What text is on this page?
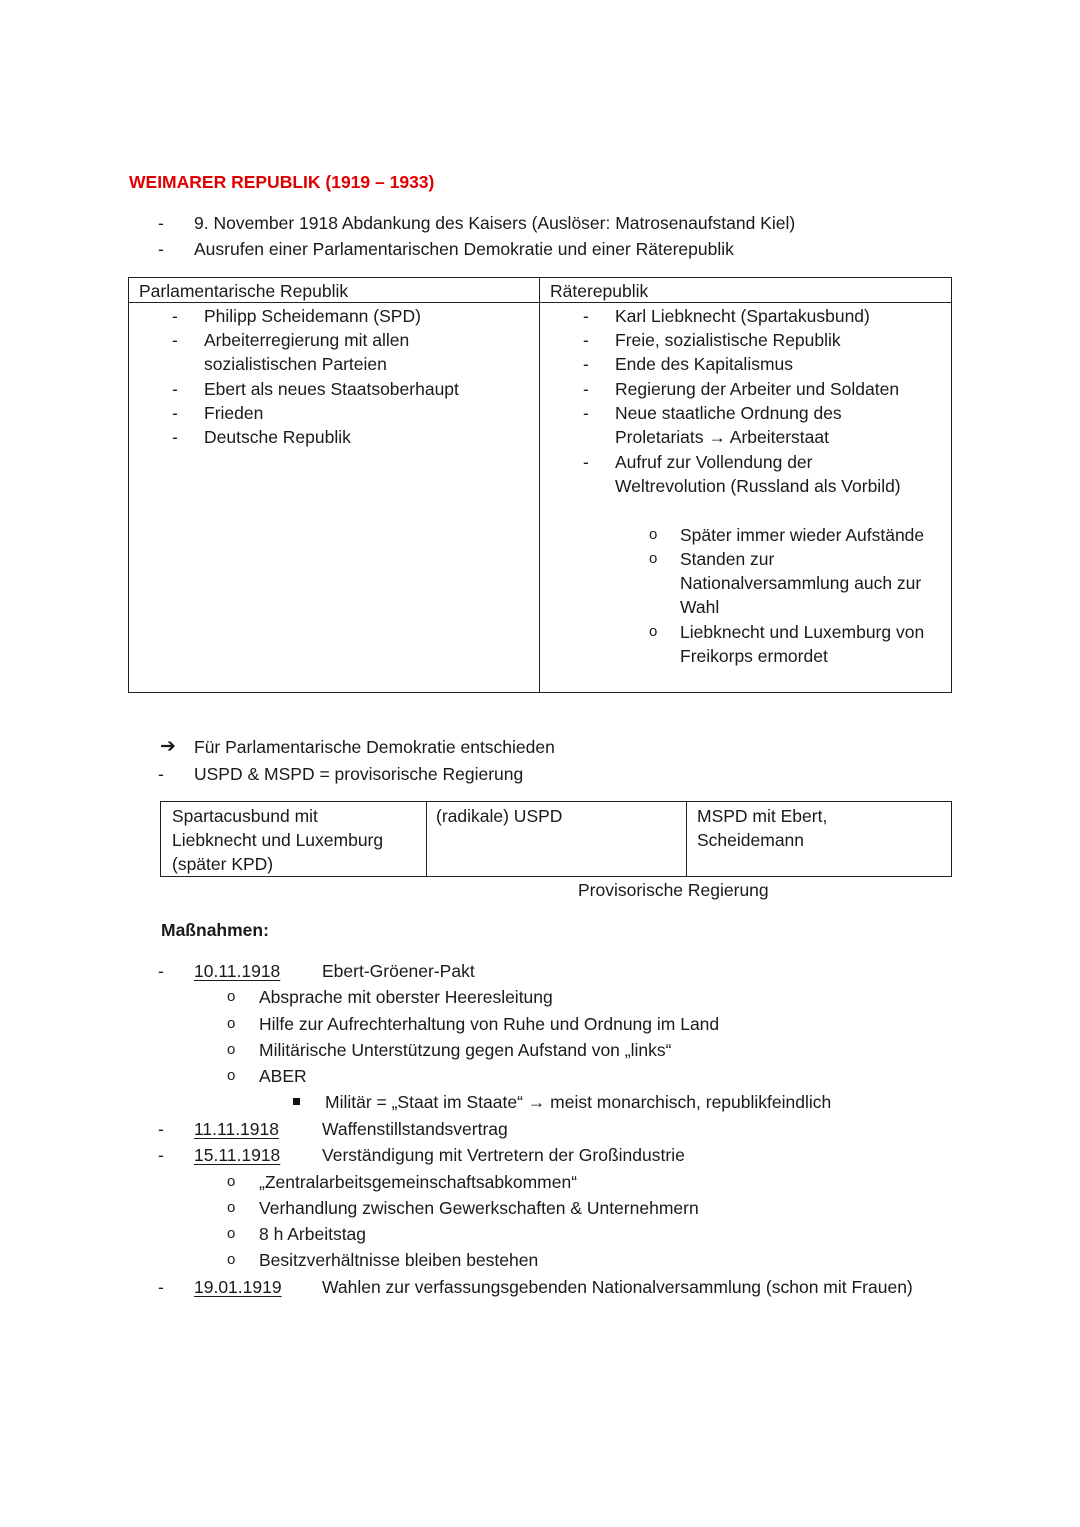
WEIMARER REPUBLIK (1919 – 1933)
- 9. November 1918 Abdankung des Kaisers (Auslöser: Matrosenaufstand Kiel)
- Ausrufen einer Parlamentarischen Demokratie und einer Räterepublik
Parlamentarische Republik	Räterepublik
- Philipp Scheidemann (SPD)
- Arbeiterregierung mit allen
sozialistischen Parteien
- Ebert als neues Staatsoberhaupt
- Frieden
- Deutsche Republik
- Karl Liebknecht (Spartakusbund)
- Freie, sozialistische Republik
- Ende des Kapitalismus
- Regierung der Arbeiter und Soldaten
- Neue staatliche Ordnung des
Proletariats → Arbeiterstaat
- Aufruf zur Vollendung der
Weltrevolution (Russland als Vorbild)
o Später immer wieder Aufstände
o Standen zur
Nationalversammlung auch zur
Wahl
o Liebknecht und Luxemburg von
Freikorps ermordet
➔ Für Parlamentarische Demokratie entschieden
- USPD & MSPD = provisorische Regierung
Spartacusbund mit
Liebknecht und Luxemburg
(später KPD)
(radikale) USPD	MSPD mit Ebert,
Scheidemann
Provisorische Regierung
Maßnahmen:
- 10.11.1918 Ebert-Gröener-Pakt
o Absprache mit oberster Heeresleitung
o Hilfe zur Aufrechterhaltung von Ruhe und Ordnung im Land
o Militärische Unterstützung gegen Aufstand von „links“
o ABER
Militär = „Staat im Staate“ → meist monarchisch, republikfeindlich
- 11.11.1918 Waffenstillstandsvertrag
- 15.11.1918 Verständigung mit Vertretern der Großindustrie
o „Zentralarbeitsgemeinschaftsabkommen“
o Verhandlung zwischen Gewerkschaften & Unternehmern
o 8 h Arbeitstag
o Besitzverhältnisse bleiben bestehen
- 19.01.1919 Wahlen zur verfassungsgebenden Nationalversammlung (schon mit Frauen)
